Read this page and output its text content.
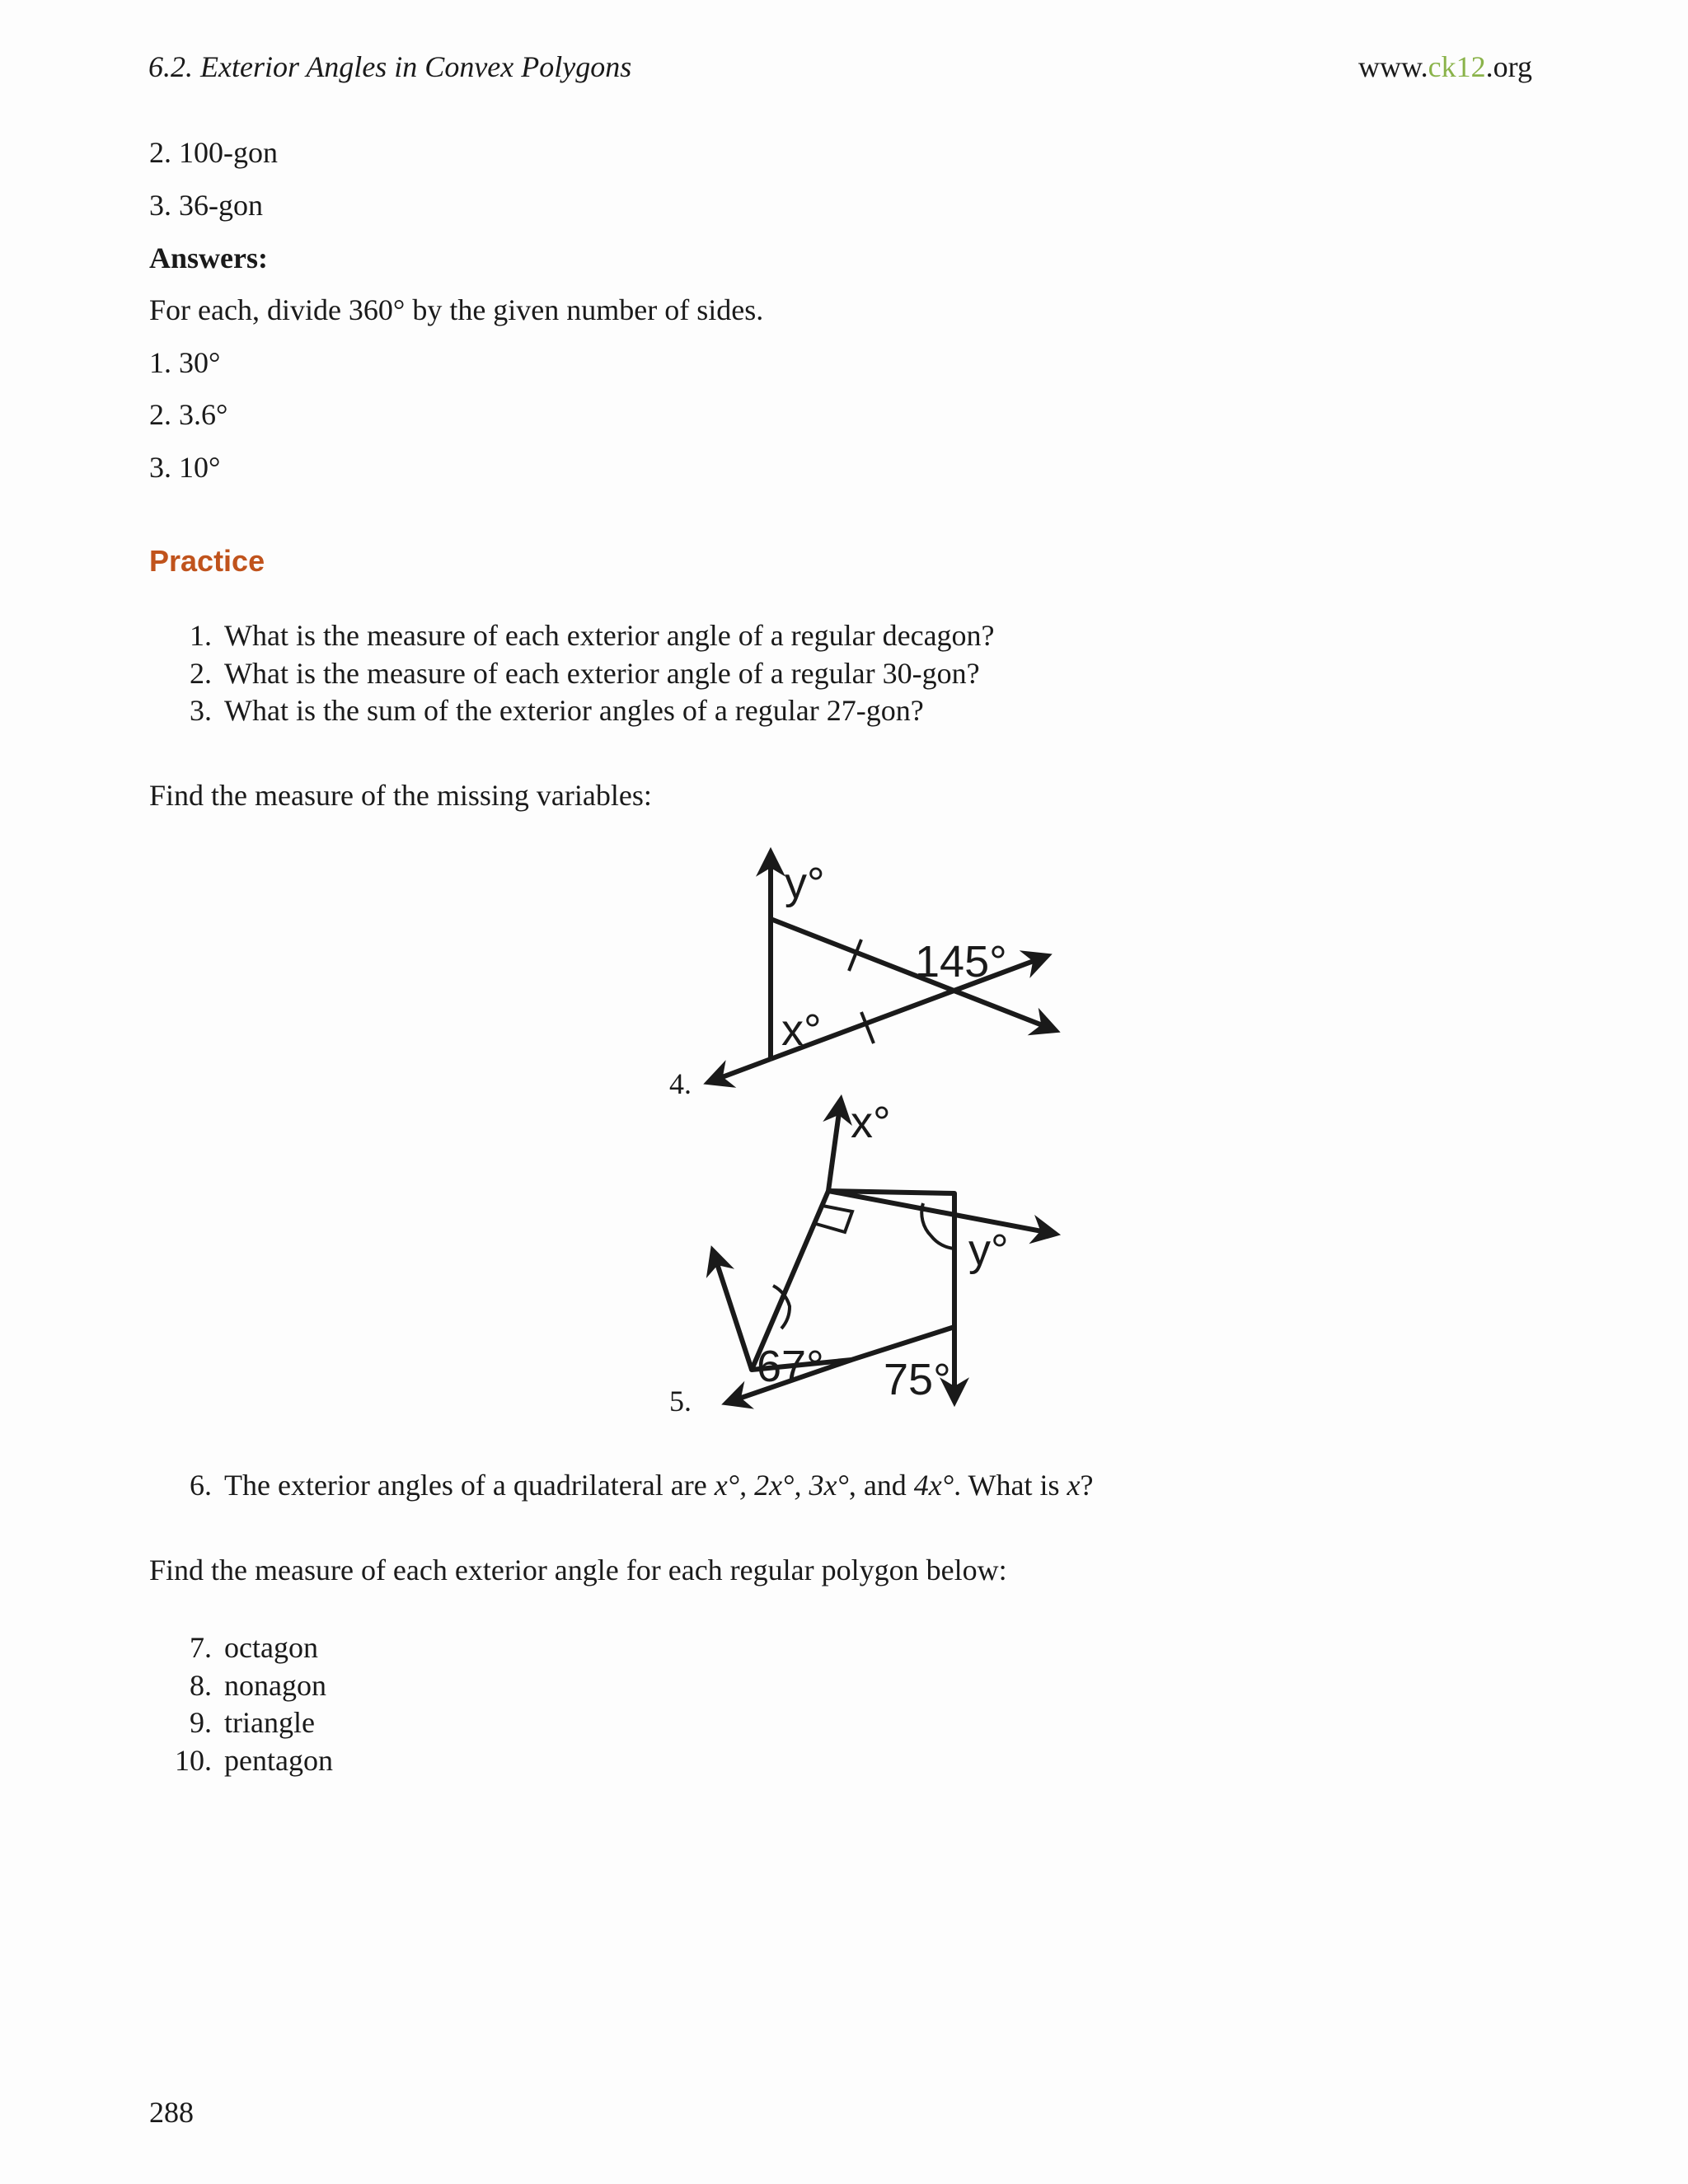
6.2. Exterior Angles in Convex Polygons	www.ck12.org
2. 100-gon
3. 36-gon
Answers:
For each, divide 360° by the given number of sides.
1. 30°
2. 3.6°
3. 10°
Practice
1. What is the measure of each exterior angle of a regular decagon?
2. What is the measure of each exterior angle of a regular 30-gon?
3. What is the sum of the exterior angles of a regular 27-gon?
Find the measure of the missing variables:
4.
y°
145°
x°
5.
x°
y°
67° 75°
6. The exterior angles of a quadrilateral are x°, 2x°, 3x°, and 4x°. What is x?
Find the measure of each exterior angle for each regular polygon below:
7. octagon
8. nonagon
9. triangle
10. pentagon
288
